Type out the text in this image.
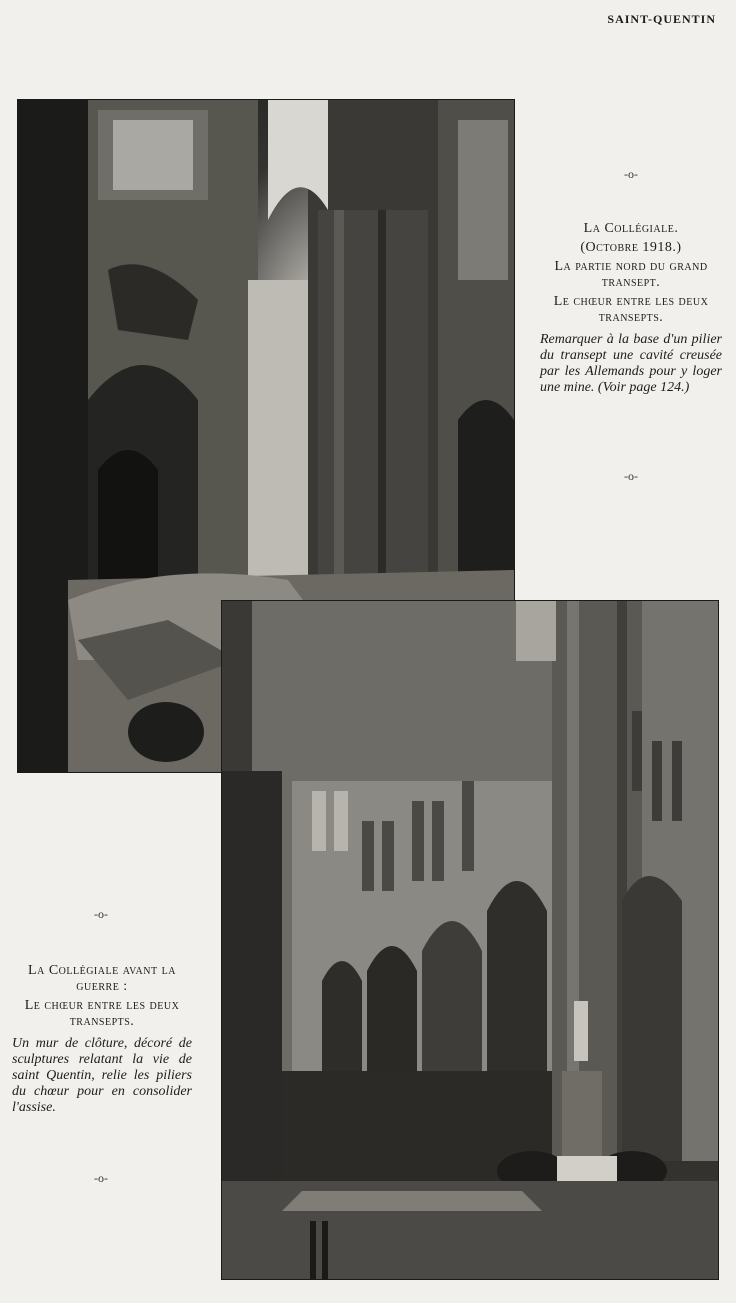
SAINT-QUENTIN
-o-
La Collégiale.
(Octobre 1918.)
La partie nord du grand transept.
Le chœur entre les deux transepts.
Remarquer à la base d'un pilier du transept une cavité creusée par les Allemands pour y loger une mine. (Voir page 124.)
-o-
-o-
La Collégiale avant la guerre :
Le chœur entre les deux transepts.
Un mur de clôture, décoré de sculptures relatant la vie de saint Quentin, relie les piliers du chœur pour en consolider l'assise.
-o-
